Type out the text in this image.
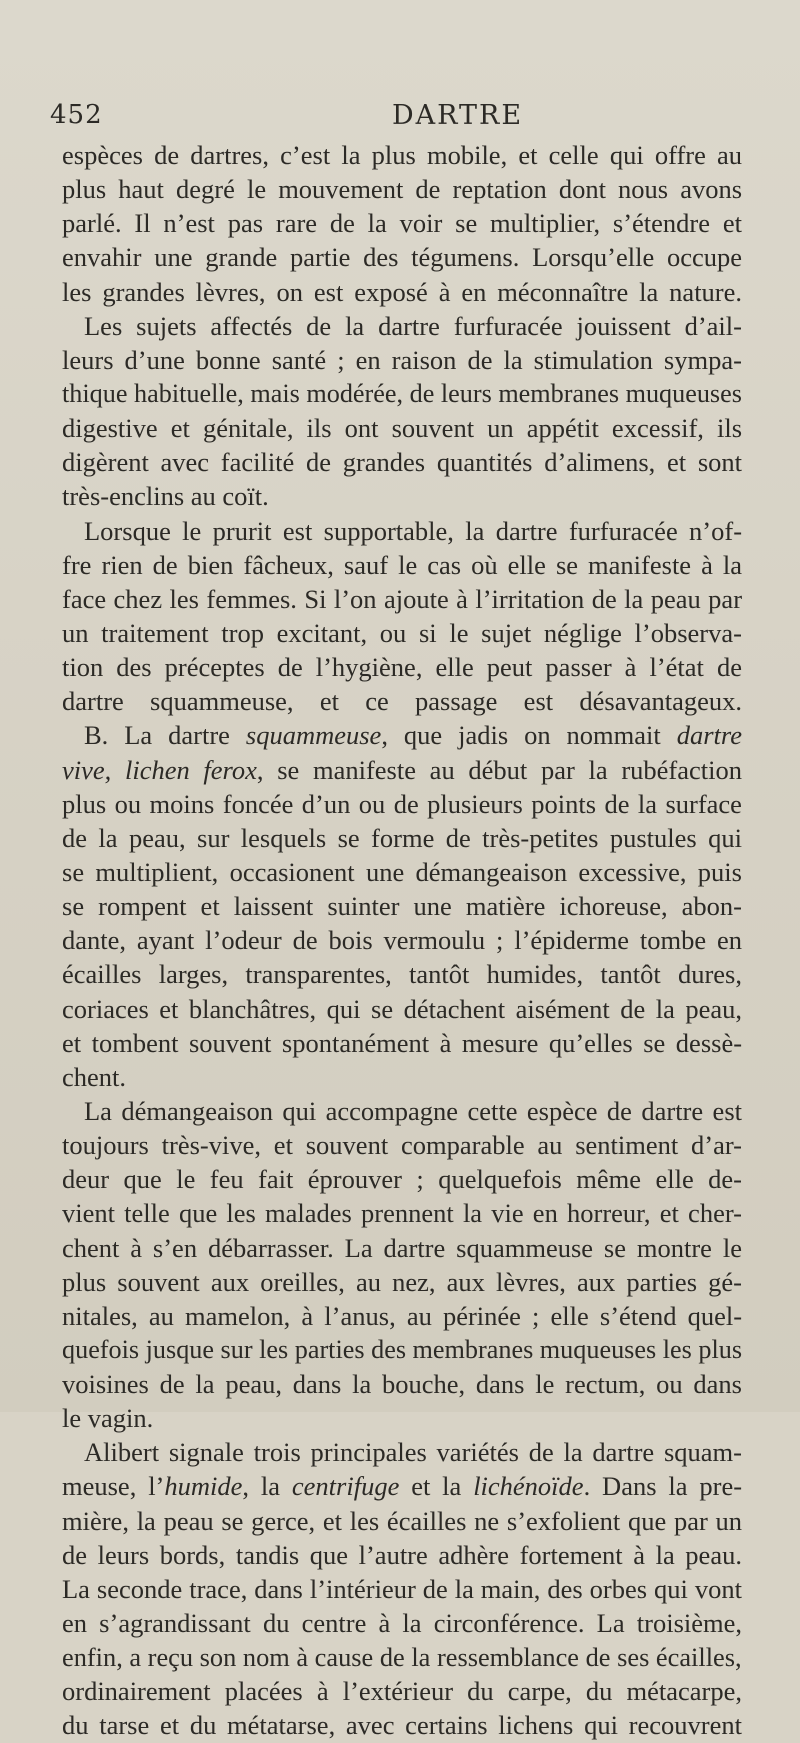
452	DARTRE
espèces de dartres, c’est la plus mobile, et celle qui offre au
plus haut degré le mouvement de reptation dont nous avons
parlé. Il n’est pas rare de la voir se multiplier, s’étendre et
envahir une grande partie des tégumens. Lorsqu’elle occupe
les grandes lèvres, on est exposé à en méconnaître la nature.
Les sujets affectés de la dartre furfuracée jouissent d’ail-
leurs d’une bonne santé ; en raison de la stimulation sympa-
thique habituelle, mais modérée, de leurs membranes muqueuses
digestive et génitale, ils ont souvent un appétit excessif, ils
digèrent avec facilité de grandes quantités d’alimens, et sont
très-enclins au coït.
Lorsque le prurit est supportable, la dartre furfuracée n’of-
fre rien de bien fâcheux, sauf le cas où elle se manifeste à la
face chez les femmes. Si l’on ajoute à l’irritation de la peau par
un traitement trop excitant, ou si le sujet néglige l’observa-
tion des préceptes de l’hygiène, elle peut passer à l’état de
dartre squammeuse, et ce passage est désavantageux.
B. La dartre squammeuse, que jadis on nommait dartre
vive, lichen ferox, se manifeste au début par la rubéfaction
plus ou moins foncée d’un ou de plusieurs points de la surface
de la peau, sur lesquels se forme de très-petites pustules qui
se multiplient, occasionent une démangeaison excessive, puis
se rompent et laissent suinter une matière ichoreuse, abon-
dante, ayant l’odeur de bois vermoulu ; l’épiderme tombe en
écailles larges, transparentes, tantôt humides, tantôt dures,
coriaces et blanchâtres, qui se détachent aisément de la peau,
et tombent souvent spontanément à mesure qu’elles se dessè-
chent.
La démangeaison qui accompagne cette espèce de dartre est
toujours très-vive, et souvent comparable au sentiment d’ar-
deur que le feu fait éprouver ; quelquefois même elle de-
vient telle que les malades prennent la vie en horreur, et cher-
chent à s’en débarrasser. La dartre squammeuse se montre le
plus souvent aux oreilles, au nez, aux lèvres, aux parties gé-
nitales, au mamelon, à l’anus, au périnée ; elle s’étend quel-
quefois jusque sur les parties des membranes muqueuses les plus
voisines de la peau, dans la bouche, dans le rectum, ou dans
le vagin.
Alibert signale trois principales variétés de la dartre squam-
meuse, l’humide, la centrifuge et la lichénoïde. Dans la pre-
mière, la peau se gerce, et les écailles ne s’exfolient que par un
de leurs bords, tandis que l’autre adhère fortement à la peau.
La seconde trace, dans l’intérieur de la main, des orbes qui vont
en s’agrandissant du centre à la circonférence. La troisième,
enfin, a reçu son nom à cause de la ressemblance de ses écailles,
ordinairement placées à l’extérieur du carpe, du métacarpe,
du tarse et du métatarse, avec certains lichens qui recouvrent
